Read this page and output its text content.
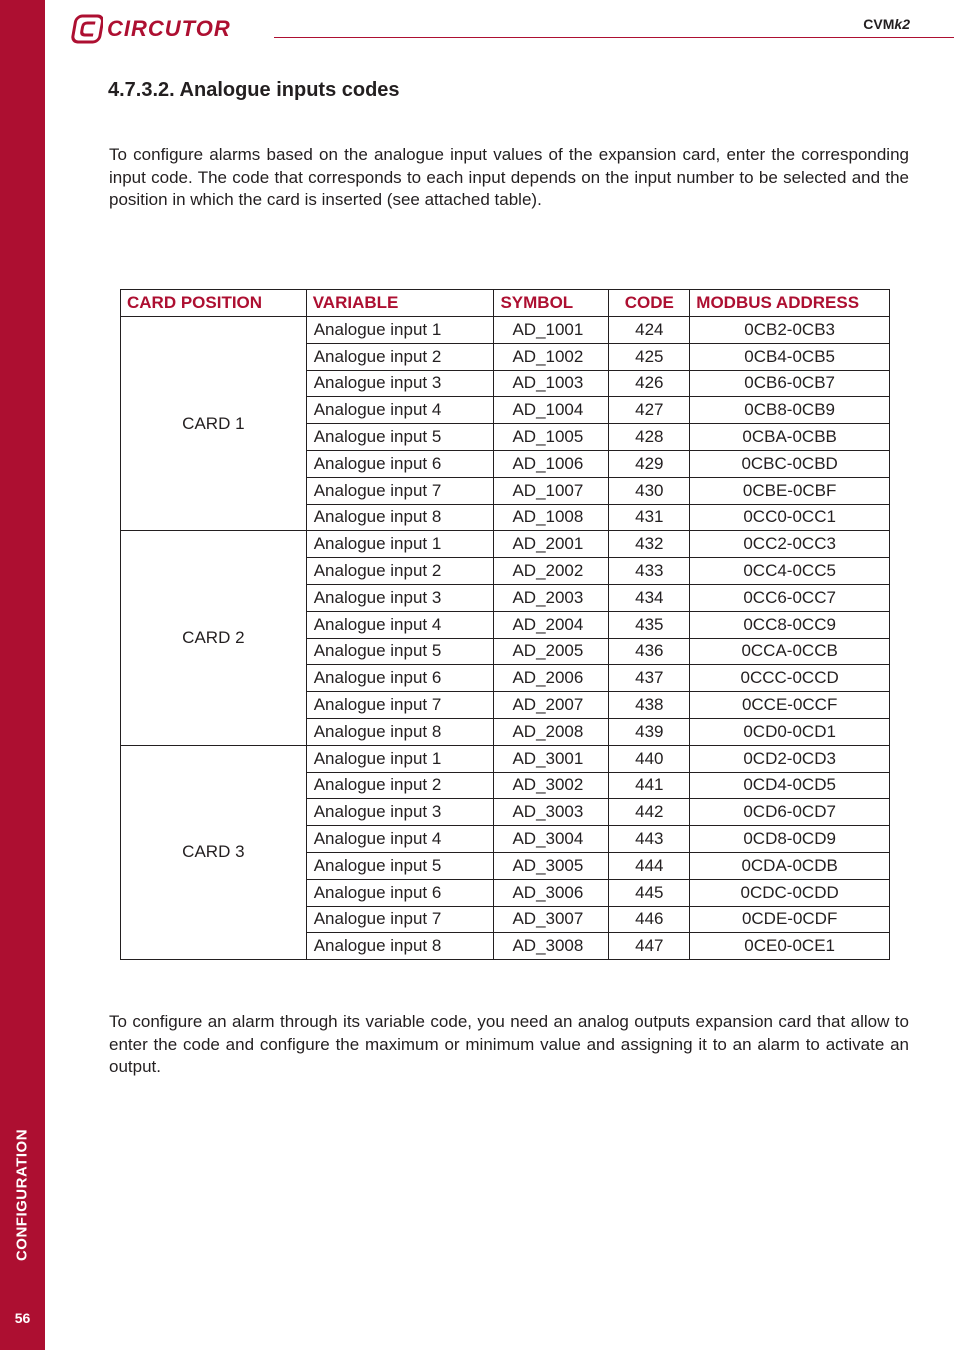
CONFIGURATION
56
CIRCUTOR	CVMk2
4.7.3.2. Analogue inputs codes

To configure alarms based on the analogue input values of the expansion card, enter the corresponding input code. The code that corresponds to each input depends on the input number to be selected and the position in which the card is inserted (see attached table).

CARD POSITION	VARIABLE	SYMBOL	CODE	MODBUS ADDRESS
CARD 1	Analogue input 1	AD_1001	424	0CB2-0CB3
	Analogue input 2	AD_1002	425	0CB4-0CB5
	Analogue input 3	AD_1003	426	0CB6-0CB7
	Analogue input 4	AD_1004	427	0CB8-0CB9
	Analogue input 5	AD_1005	428	0CBA-0CBB
	Analogue input 6	AD_1006	429	0CBC-0CBD
	Analogue input 7	AD_1007	430	0CBE-0CBF
	Analogue input 8	AD_1008	431	0CC0-0CC1
CARD 2	Analogue input 1	AD_2001	432	0CC2-0CC3
	Analogue input 2	AD_2002	433	0CC4-0CC5
	Analogue input 3	AD_2003	434	0CC6-0CC7
	Analogue input 4	AD_2004	435	0CC8-0CC9
	Analogue input 5	AD_2005	436	0CCA-0CCB
	Analogue input 6	AD_2006	437	0CCC-0CCD
	Analogue input 7	AD_2007	438	0CCE-0CCF
	Analogue input 8	AD_2008	439	0CD0-0CD1
CARD 3	Analogue input 1	AD_3001	440	0CD2-0CD3
	Analogue input 2	AD_3002	441	0CD4-0CD5
	Analogue input 3	AD_3003	442	0CD6-0CD7
	Analogue input 4	AD_3004	443	0CD8-0CD9
	Analogue input 5	AD_3005	444	0CDA-0CDB
	Analogue input 6	AD_3006	445	0CDC-0CDD
	Analogue input 7	AD_3007	446	0CDE-0CDF
	Analogue input 8	AD_3008	447	0CE0-0CE1

To configure an alarm through its variable code, you need an analog outputs expansion card that allow to enter the code and configure the maximum or minimum value and assigning it to an alarm to activate an output.
